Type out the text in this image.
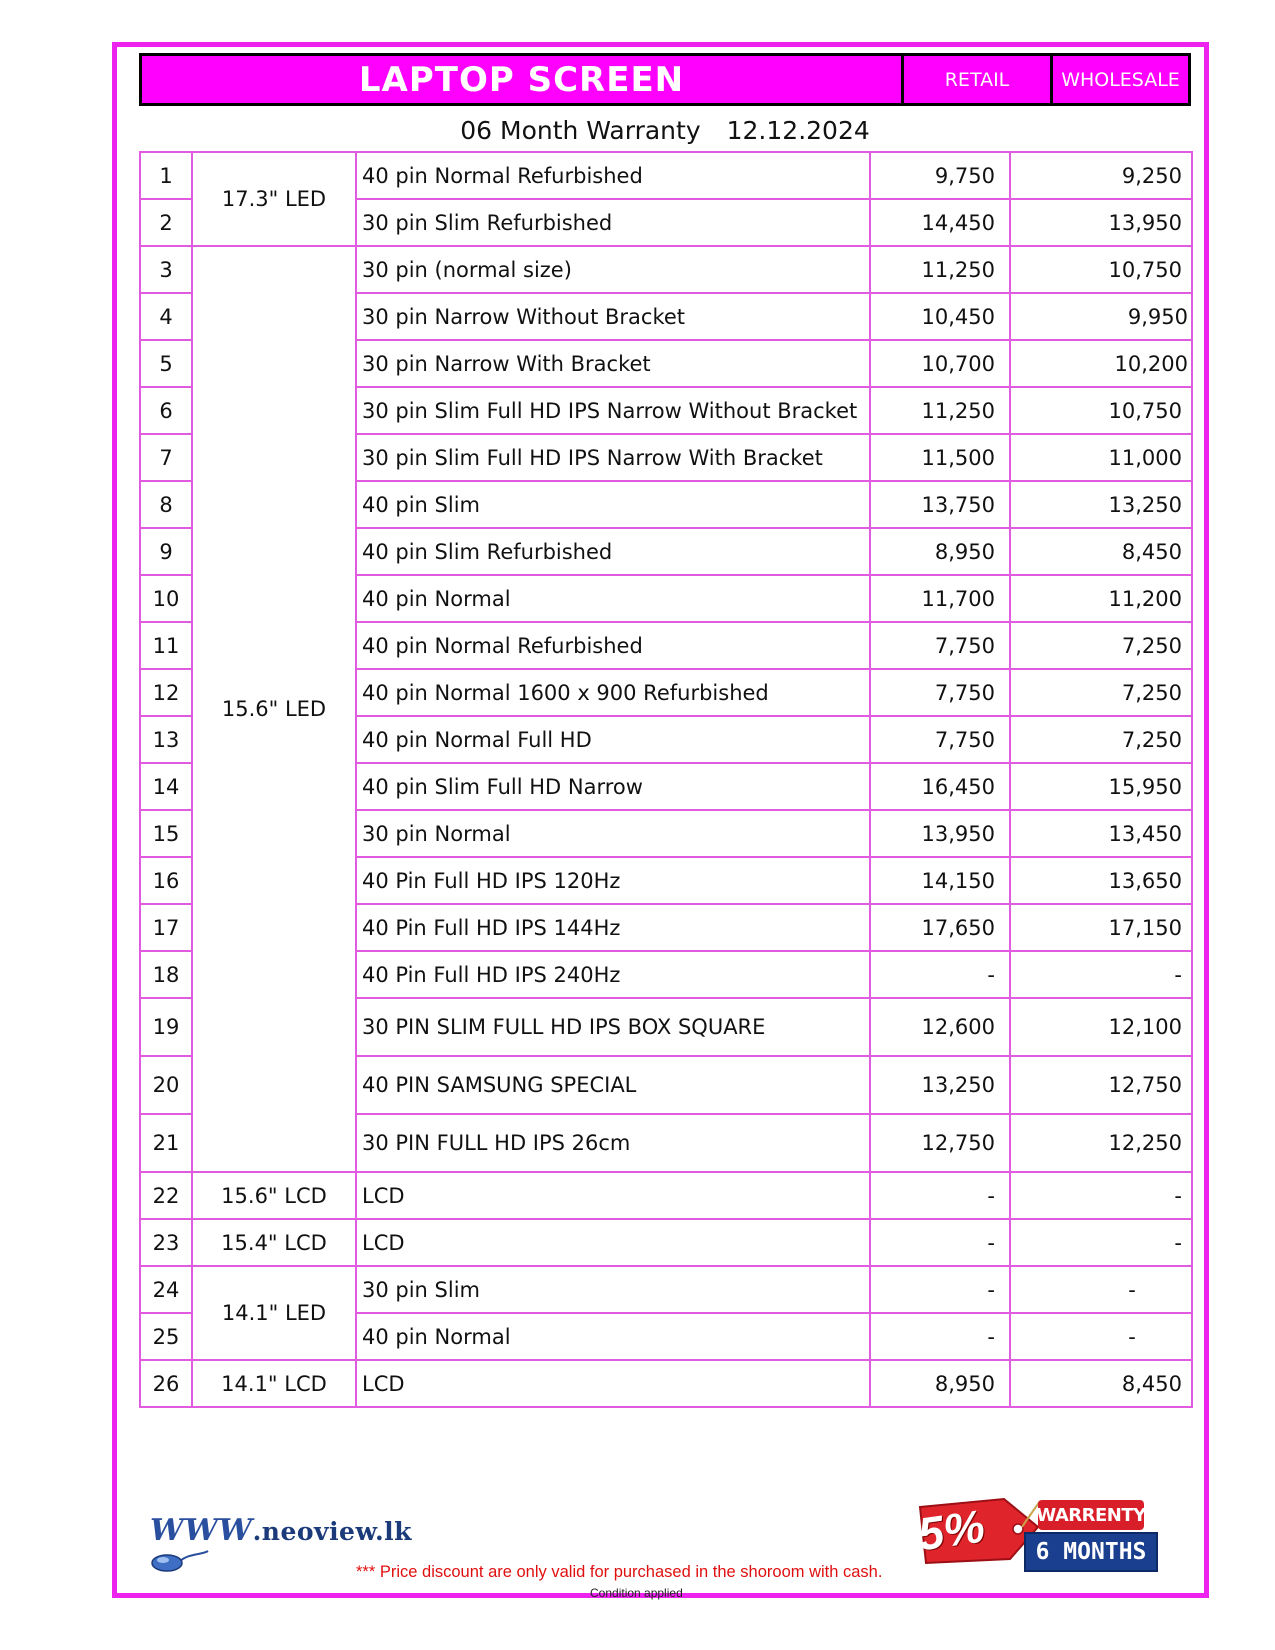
LAPTOP SCREEN	RETAIL	WHOLESALE
06 Month Warranty 12.12.2024
1	17.3" LED	40 pin Normal Refurbished	9,750	9,250
2		30 pin Slim Refurbished	14,450	13,950
3	15.6" LED	30 pin (normal size)	11,250	10,750
4		30 pin Narrow Without Bracket	10,450	9,950
5		30 pin Narrow With Bracket	10,700	10,200
6		30 pin Slim Full HD IPS Narrow Without Bracket	11,250	10,750
7		30 pin Slim Full HD IPS Narrow With Bracket	11,500	11,000
8		40 pin Slim	13,750	13,250
9		40 pin Slim Refurbished	8,950	8,450
10		40 pin Normal	11,700	11,200
11		40 pin Normal Refurbished	7,750	7,250
12		40 pin Normal 1600 x 900 Refurbished	7,750	7,250
13		40 pin Normal Full HD	7,750	7,250
14		40 pin Slim Full HD Narrow	16,450	15,950
15		30 pin Normal	13,950	13,450
16		40 Pin Full HD IPS 120Hz	14,150	13,650
17		40 Pin Full HD IPS 144Hz	17,650	17,150
18		40 Pin Full HD IPS 240Hz	-	-
19		30 PIN SLIM FULL HD IPS BOX SQUARE	12,600	12,100
20		40 PIN SAMSUNG SPECIAL	13,250	12,750
21		30 PIN FULL HD IPS 26cm	12,750	12,250
22	15.6" LCD	LCD	-	-
23	15.4" LCD	LCD	-	-
24	14.1" LED	30 pin Slim	-	-
25		40 pin Normal	-	-
26	14.1" LCD	LCD	8,950	8,450
WWW.neoview.lk
*** Price discount are only valid for purchased in the shoroom with cash.
Condition applied
5%	WARRENTY
6 MONTHS
